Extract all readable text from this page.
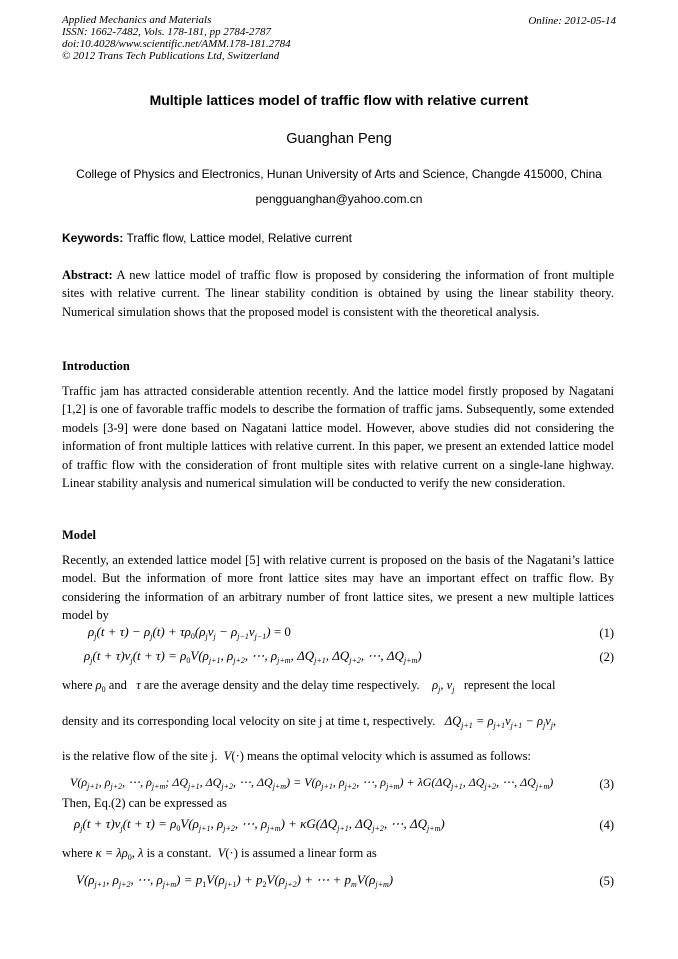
Applied Mechanics and Materials
ISSN: 1662-7482, Vols. 178-181, pp 2784-2787
doi:10.4028/www.scientific.net/AMM.178-181.2784
© 2012 Trans Tech Publications Ltd, Switzerland
Online: 2012-05-14
Multiple lattices model of traffic flow with relative current
Guanghan Peng
College of Physics and Electronics, Hunan University of Arts and Science, Changde 415000, China
pengguanghan@yahoo.com.cn
Keywords: Traffic flow, Lattice model, Relative current
Abstract: A new lattice model of traffic flow is proposed by considering the information of front multiple sites with relative current. The linear stability condition is obtained by using the linear stability theory. Numerical simulation shows that the proposed model is consistent with the theoretical analysis.
Introduction
Traffic jam has attracted considerable attention recently. And the lattice model firstly proposed by Nagatani [1,2] is one of favorable traffic models to describe the formation of traffic jams. Subsequently, some extended models [3-9] were done based on Nagatani lattice model. However, above studies did not considering the information of front multiple lattices with relative current. In this paper, we present an extended lattice model of traffic flow with the consideration of front multiple sites with relative current on a single-lane highway. Linear stability analysis and numerical simulation will be conducted to verify the new consideration.
Model
Recently, an extended lattice model [5] with relative current is proposed on the basis of the Nagatani’s lattice model. But the information of more front lattice sites may have an important effect on traffic flow. By considering the information of an arbitrary number of front lattice sites, we present a new multiple lattices model by
$\rho_j(t + \tau) - \rho_j(t) + \tau\rho_0(\rho_jv_j - \rho_{j-1}v_{j-1}) = 0$	(1)
$\rho_j(t + \tau)v_j(t + \tau) = \rho_0V(\rho_{j+1}$, $\rho_{j+2}$, ⋯, $\rho_{j+m}$, $\Delta Q_{j+1}$, $\Delta Q_{j+2}$, ⋯, $\Delta Q_{j+m}$)	(2)
where $\rho_0$ and τ are the average density and the delay time respectively. $\rho_j$, $v_j$ represent the local
density and its corresponding local velocity on site j at time t, respectively. $\Delta Q_{j+1} = \rho_{j+1}v_{j+1} - \rho_jv_j$,
is the relative flow of the site j. V(·) means the optimal velocity which is assumed as follows:
$V(\rho_{j+1}$, $\rho_{j+2}$, ⋯, $\rho_{j+m}$; $\Delta Q_{j+1}$, $\Delta Q_{j+2}$, ⋯, $\Delta Q_{j+m}) = V(\rho_{j+1}$, $\rho_{j+2}$, ⋯, $\rho_{j+m}) + \lambda G(\Delta Q_{j+1}$, $\Delta Q_{j+2}$, ⋯, $\Delta Q_{j+m}$)	(3)
Then, Eq.(2) can be expressed as
$\rho_j(t + \tau)v_j(t + \tau) = \rho_0V(\rho_{j+1}$, $\rho_{j+2}$, ⋯, $\rho_{j+m}) + \kappa G(\Delta Q_{j+1}$, $\Delta Q_{j+2}$, ⋯, $\Delta Q_{j+m}$)	(4)
where $\kappa = \lambda\rho_0$, λ is a constant. V(·) is assumed a linear form as
$V(\rho_{j+1}$, $\rho_{j+2}$, ⋯, $\rho_{j+m}) = p_1V(\rho_{j+1}) + p_2V(\rho_{j+2})$ + ⋯ + $p_mV(\rho_{j+m})$	(5)
